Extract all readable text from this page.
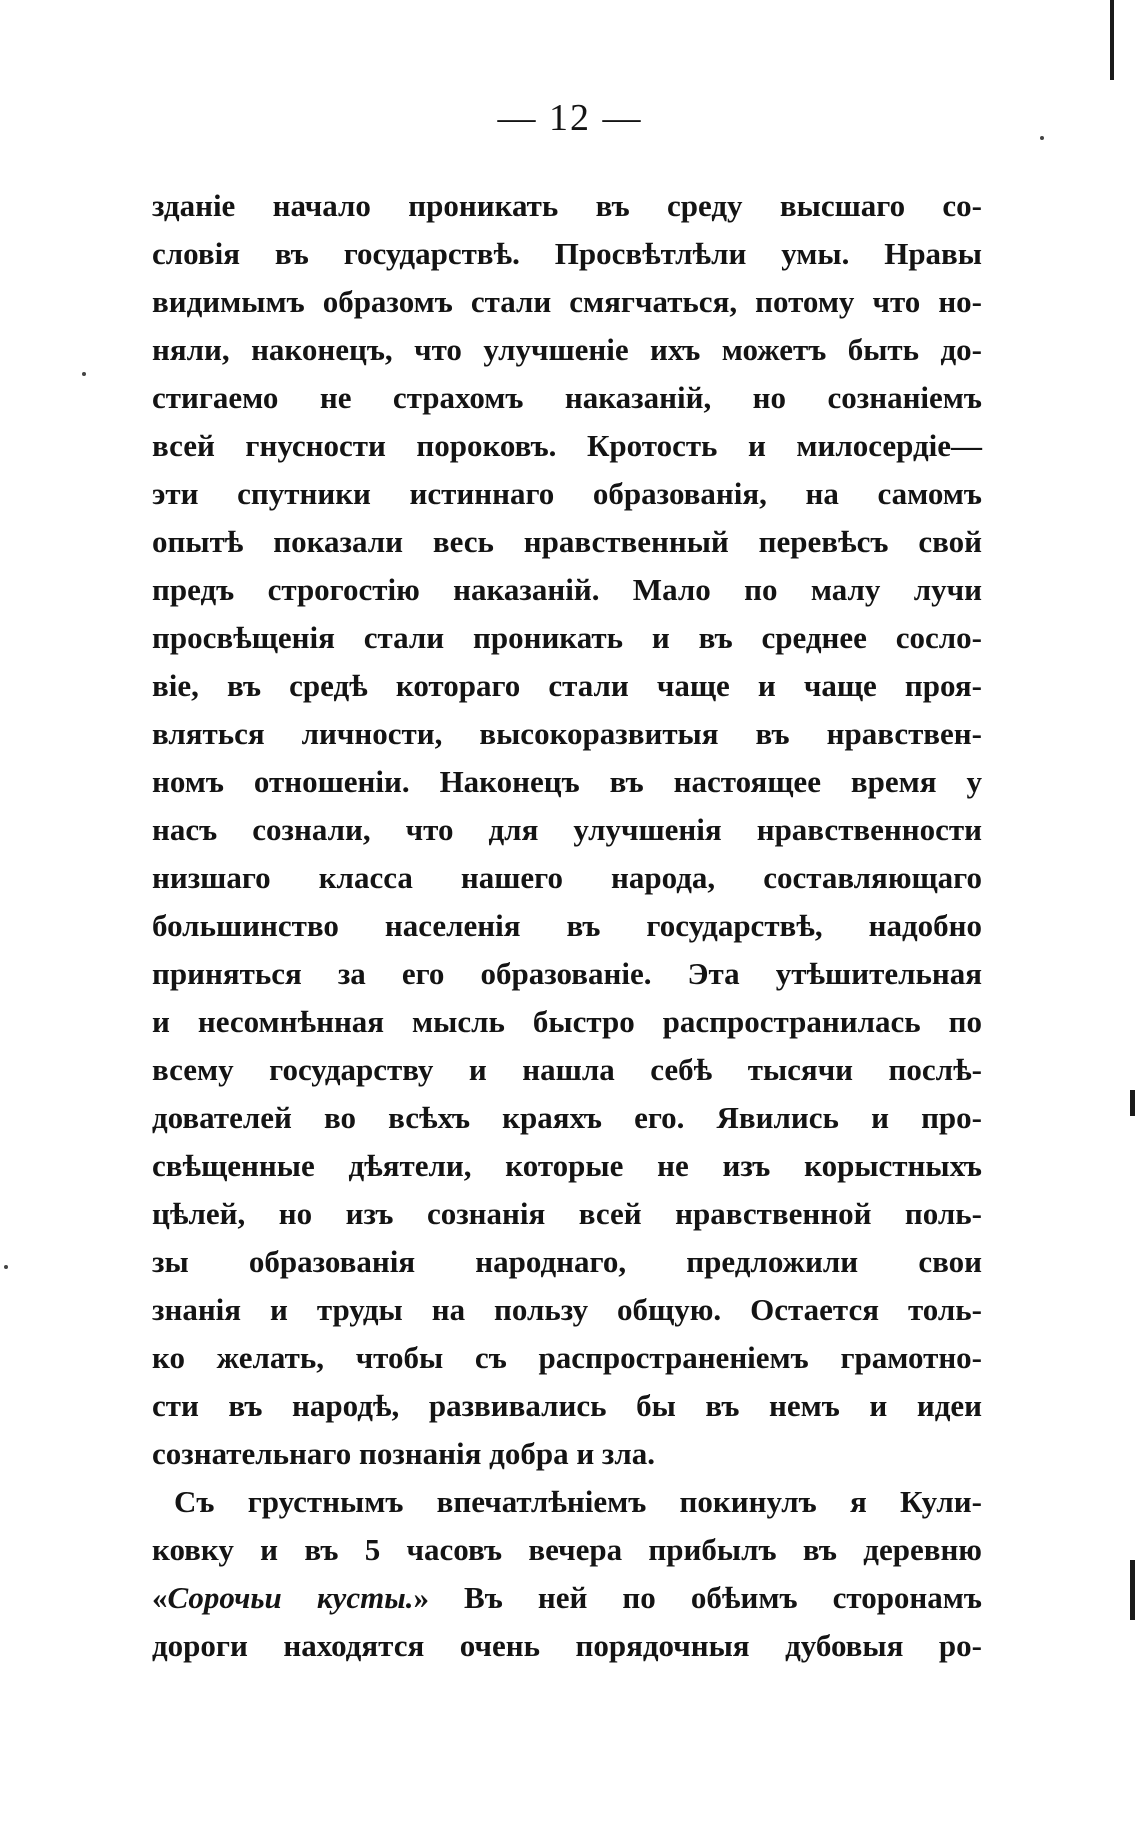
— 12 —
зданіе начало проникать въ среду высшаго со-
словія въ государствѣ. Просвѣтлѣли умы. Нравы
видимымъ образомъ стали смягчаться, потому что но-
няли, наконецъ, что улучшеніе ихъ можетъ быть до-
стигаемо не страхомъ наказаній, но сознаніемъ
всей гнусности пороковъ. Кротость и милосердіе—
эти спутники истиннаго образованія, на самомъ
опытѣ показали весь нравственный перевѣсъ свой
предъ строгостію наказаній. Мало по малу лучи
просвѣщенія стали проникать и въ среднее сосло-
віе, въ средѣ котораго стали чаще и чаще проя-
вляться личности, высокоразвитыя въ нравствен-
номъ отношеніи. Наконецъ въ настоящее время у
насъ сознали, что для улучшенія нравственности
низшаго класса нашего народа, составляющаго
большинство населенія въ государствѣ, надобно
приняться за его образованіе. Эта утѣшительная
и несомнѣнная мысль быстро распространилась по
всему государству и нашла себѣ тысячи послѣ-
дователей во всѣхъ краяхъ его. Явились и про-
свѣщенные дѣятели, которые не изъ корыстныхъ
цѣлей, но изъ сознанія всей нравственной поль-
зы образованія народнаго, предложили свои
знанія и труды на пользу общую. Остается толь-
ко желать, чтобы съ распространеніемъ грамотно-
сти въ народѣ, развивались бы въ немъ и идеи
сознательнаго познанія добра и зла.
Съ грустнымъ впечатлѣніемъ покинулъ я Кули-
ковку и въ 5 часовъ вечера прибылъ въ деревню
«Сорочьи кусты.» Въ ней по обѣимъ сторонамъ
дороги находятся очень порядочныя дубовыя ро-
